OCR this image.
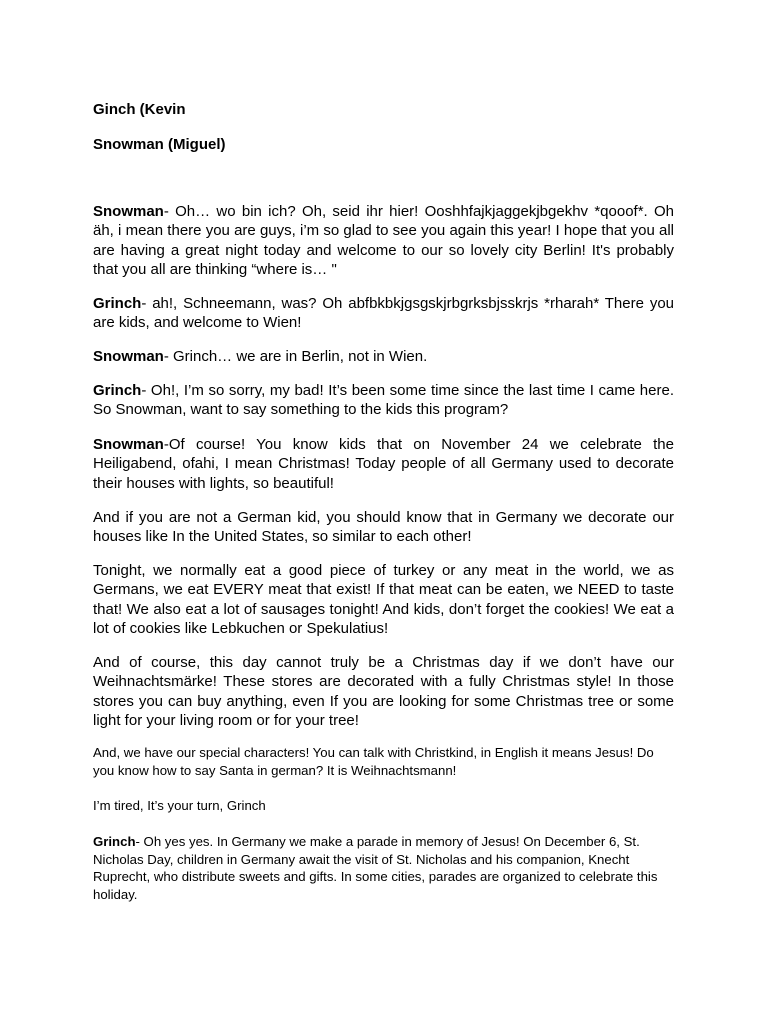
Ginch (Kevin
Snowman (Miguel)

Snowman- Oh… wo bin ich? Oh, seid ihr hier! Ooshhfajkjaggekjbgekhv *qooof*. Oh äh, i mean there you are guys, i’m so glad to see you again this year! I hope that you all are having a great night today and welcome to our so lovely city Berlin! It's probably that you all are thinking “where is… "

Grinch- ah!, Schneemann, was? Oh abfbkbkjgsgskjrbgrksbjsskrjs *rharah* There you are kids, and welcome to Wien!

Snowman- Grinch… we are in Berlin, not in Wien.

Grinch- Oh!, I’m so sorry, my bad! It’s been some time since the last time I came here. So Snowman, want to say something to the kids this program?

Snowman-Of course! You know kids that on November 24 we celebrate the Heiligabend, ofahi, I mean Christmas! Today people of all Germany used to decorate their houses with lights, so beautiful!

And if you are not a German kid, you should know that in Germany we decorate our houses like In the United States, so similar to each other!

Tonight, we normally eat a good piece of turkey or any meat in the world, we as Germans, we eat EVERY meat that exist! If that meat can be eaten, we NEED to taste that! We also eat a lot of sausages tonight! And kids, don’t forget the cookies! We eat a lot of cookies like Lebkuchen or Spekulatius!

And of course, this day cannot truly be a Christmas day if we don’t have our Weihnachtsmärke! These stores are decorated with a fully Christmas style! In those stores you can buy anything, even If you are looking for some Christmas tree or some light for your living room or for your tree!

And, we have our special characters! You can talk with Christkind, in English it means Jesus! Do you know how to say Santa in german? It is Weihnachtsmann!

I’m tired, It’s your turn, Grinch

Grinch- Oh yes yes. In Germany we make a parade in memory of Jesus! On December 6, St. Nicholas Day, children in Germany await the visit of St. Nicholas and his companion, Knecht Ruprecht, who distribute sweets and gifts. In some cities, parades are organized to celebrate this holiday.
